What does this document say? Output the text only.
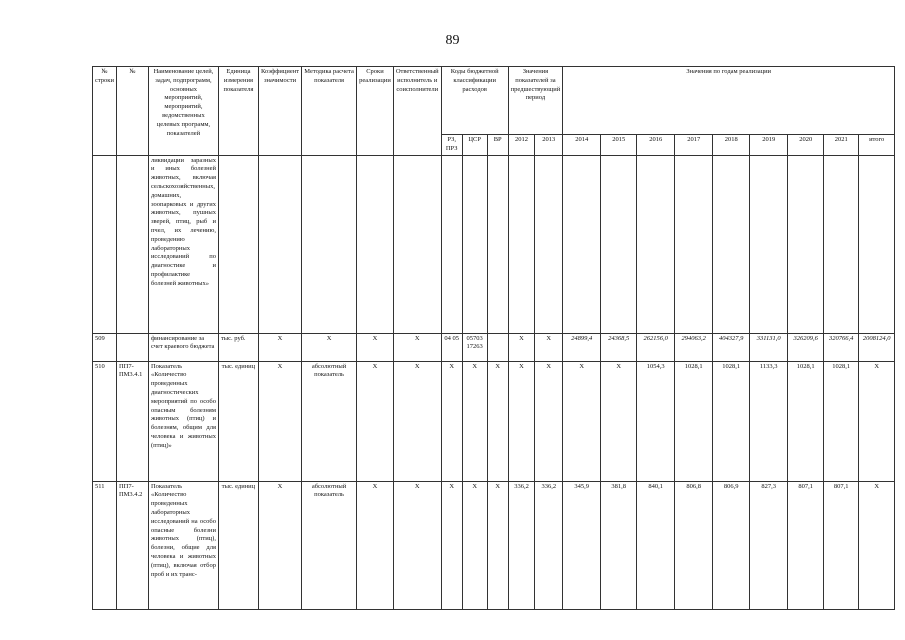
89
№ строки	№	Наименование целей, задач, подпрограмм, основных мероприятий, мероприятий, ведомственных целевых программ, показателей	Единица измерения показателя	Коэффициент значимости	Методика расчета показателя	Сроки реализации	Ответственный исполнитель и соисполнители	Коды бюджетной классификации расходов			Значения показателей за предшествующий период		Значения по годам реализации								
								РЗ, ПРЗ	ЦСР	ВР	2012	2013	2014	2015	2016	2017	2018	2019	2020	2021	итого
		ликвидации заразных и иных болезней животных, включая сельскохозяйственных, домашних, зоопарковых и других животных, пушных зверей, птиц, рыб и пчел, их лечению, проведению лабораторных исследований по диагностике и профилактике болезней животных»																			
509		финансирование за счет краевого бюджета	тыс. руб.	X	X	X	X	04 05	05703 17263		X	X	24899,4	24368,5	262156,0	294063,2	404327,9	331131,0	326209,6	320766,4	2008124,0
510	ПП7-ПМ3.4.1	Показатель «Количество проведенных диагностических мероприятий по особо опасным болезням животных (птиц) и болезням, общим для человека и животных (птиц)»	тыс. единиц	X	абсолютный показатель	X	X	X	X	X	X	X	X	X	1054,3	1028,1	1028,1	1133,3	1028,1	1028,1	X
511	ПП7-ПМ3.4.2	Показатель «Количество проведенных лабораторных исследований на особо опасные болезни животных (птиц), болезни, общие для человека и животных (птиц), включая отбор проб и их транс-	тыс. единиц	X	абсолютный показатель	X	X	X	X	X	336,2	336,2	345,9	381,8	840,1	806,8	806,9	827,3	807,1	807,1	X
